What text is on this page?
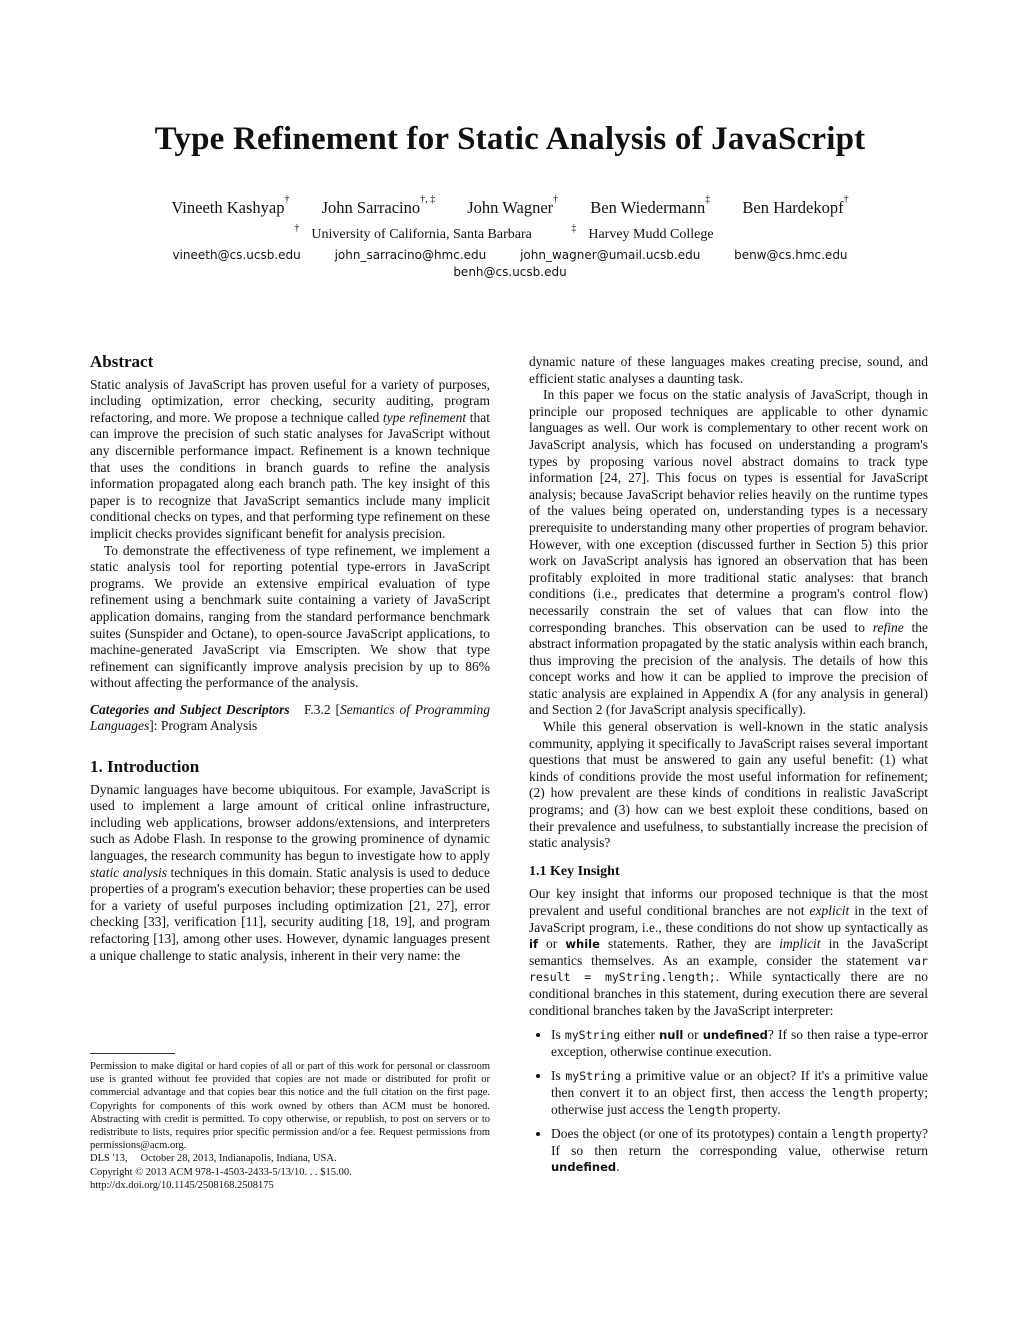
Type Refinement for Static Analysis of JavaScript
Vineeth Kashyap† John Sarracino†, ‡ John Wagner† Ben Wiedermann‡ Ben Hardekopf†
† University of California, Santa Barbara	‡ Harvey Mudd College
vineeth@cs.ucsb.edu	john_sarracino@hmc.edu	john_wagner@umail.ucsb.edu	benw@cs.hmc.edu
benh@cs.ucsb.edu
Abstract

Static analysis of JavaScript has proven useful for a variety of purposes, including optimization, error checking, security auditing, program refactoring, and more. We propose a technique called type refinement that can improve the precision of such static analyses for JavaScript without any discernible performance impact. Refinement is a known technique that uses the conditions in branch guards to refine the analysis information propagated along each branch path. The key insight of this paper is to recognize that JavaScript semantics include many implicit conditional checks on types, and that performing type refinement on these implicit checks provides significant benefit for analysis precision.

To demonstrate the effectiveness of type refinement, we implement a static analysis tool for reporting potential type-errors in JavaScript programs. We provide an extensive empirical evaluation of type refinement using a benchmark suite containing a variety of JavaScript application domains, ranging from the standard performance benchmark suites (Sunspider and Octane), to open-source JavaScript applications, to machine-generated JavaScript via Emscripten. We show that type refinement can significantly improve analysis precision by up to 86% without affecting the performance of the analysis.

Categories and Subject Descriptors F.3.2 [Semantics of Programming Languages]: Program Analysis

1. Introduction

Dynamic languages have become ubiquitous. For example, JavaScript is used to implement a large amount of critical online infrastructure, including web applications, browser addons/extensions, and interpreters such as Adobe Flash. In response to the growing prominence of dynamic languages, the research community has begun to investigate how to apply static analysis techniques in this domain. Static analysis is used to deduce properties of a program's execution behavior; these properties can be used for a variety of useful purposes including optimization [21, 27], error checking [33], verification [11], security auditing [18, 19], and program refactoring [13], among other uses. However, dynamic languages present a unique challenge to static analysis, inherent in their very name: the

Permission to make digital or hard copies of all or part of this work for personal or classroom use is granted without fee provided that copies are not made or distributed for profit or commercial advantage and that copies bear this notice and the full citation on the first page. Copyrights for components of this work owned by others than ACM must be honored. Abstracting with credit is permitted. To copy otherwise, or republish, to post on servers or to redistribute to lists, requires prior specific permission and/or a fee. Request permissions from permissions@acm.org.

DLS '13,     October 28, 2013, Indianapolis, Indiana, USA.

Copyright © 2013 ACM 978-1-4503-2433-5/13/10. . . $15.00.

http://dx.doi.org/10.1145/2508168.2508175

dynamic nature of these languages makes creating precise, sound, and efficient static analyses a daunting task.

In this paper we focus on the static analysis of JavaScript, though in principle our proposed techniques are applicable to other dynamic languages as well. Our work is complementary to other recent work on JavaScript analysis, which has focused on understanding a program's types by proposing various novel abstract domains to track type information [24, 27]. This focus on types is essential for JavaScript analysis; because JavaScript behavior relies heavily on the runtime types of the values being operated on, understanding types is a necessary prerequisite to understanding many other properties of program behavior. However, with one exception (discussed further in Section 5) this prior work on JavaScript analysis has ignored an observation that has been profitably exploited in more traditional static analyses: that branch conditions (i.e., predicates that determine a program's control flow) necessarily constrain the set of values that can flow into the corresponding branches. This observation can be used to refine the abstract information propagated by the static analysis within each branch, thus improving the precision of the analysis. The details of how this concept works and how it can be applied to improve the precision of static analysis are explained in Appendix A (for any analysis in general) and Section 2 (for JavaScript analysis specifically).

While this general observation is well-known in the static analysis community, applying it specifically to JavaScript raises several important questions that must be answered to gain any useful benefit: (1) what kinds of conditions provide the most useful information for refinement; (2) how prevalent are these kinds of conditions in realistic JavaScript programs; and (3) how can we best exploit these conditions, based on their prevalence and usefulness, to substantially increase the precision of static analysis?

1.1 Key Insight

Our key insight that informs our proposed technique is that the most prevalent and useful conditional branches are not explicit in the text of JavaScript program, i.e., these conditions do not show up syntactically as if or while statements. Rather, they are implicit in the JavaScript semantics themselves. As an example, consider the statement var result = myString.length;. While syntactically there are no conditional branches in this statement, during execution there are several conditional branches taken by the JavaScript interpreter:

• Is myString either null or undefined? If so then raise a type-error exception, otherwise continue execution.
• Is myString a primitive value or an object? If it's a primitive value then convert it to an object first, then access the length property; otherwise just access the length property.
• Does the object (or one of its prototypes) contain a length property? If so then return the corresponding value, otherwise return undefined.
